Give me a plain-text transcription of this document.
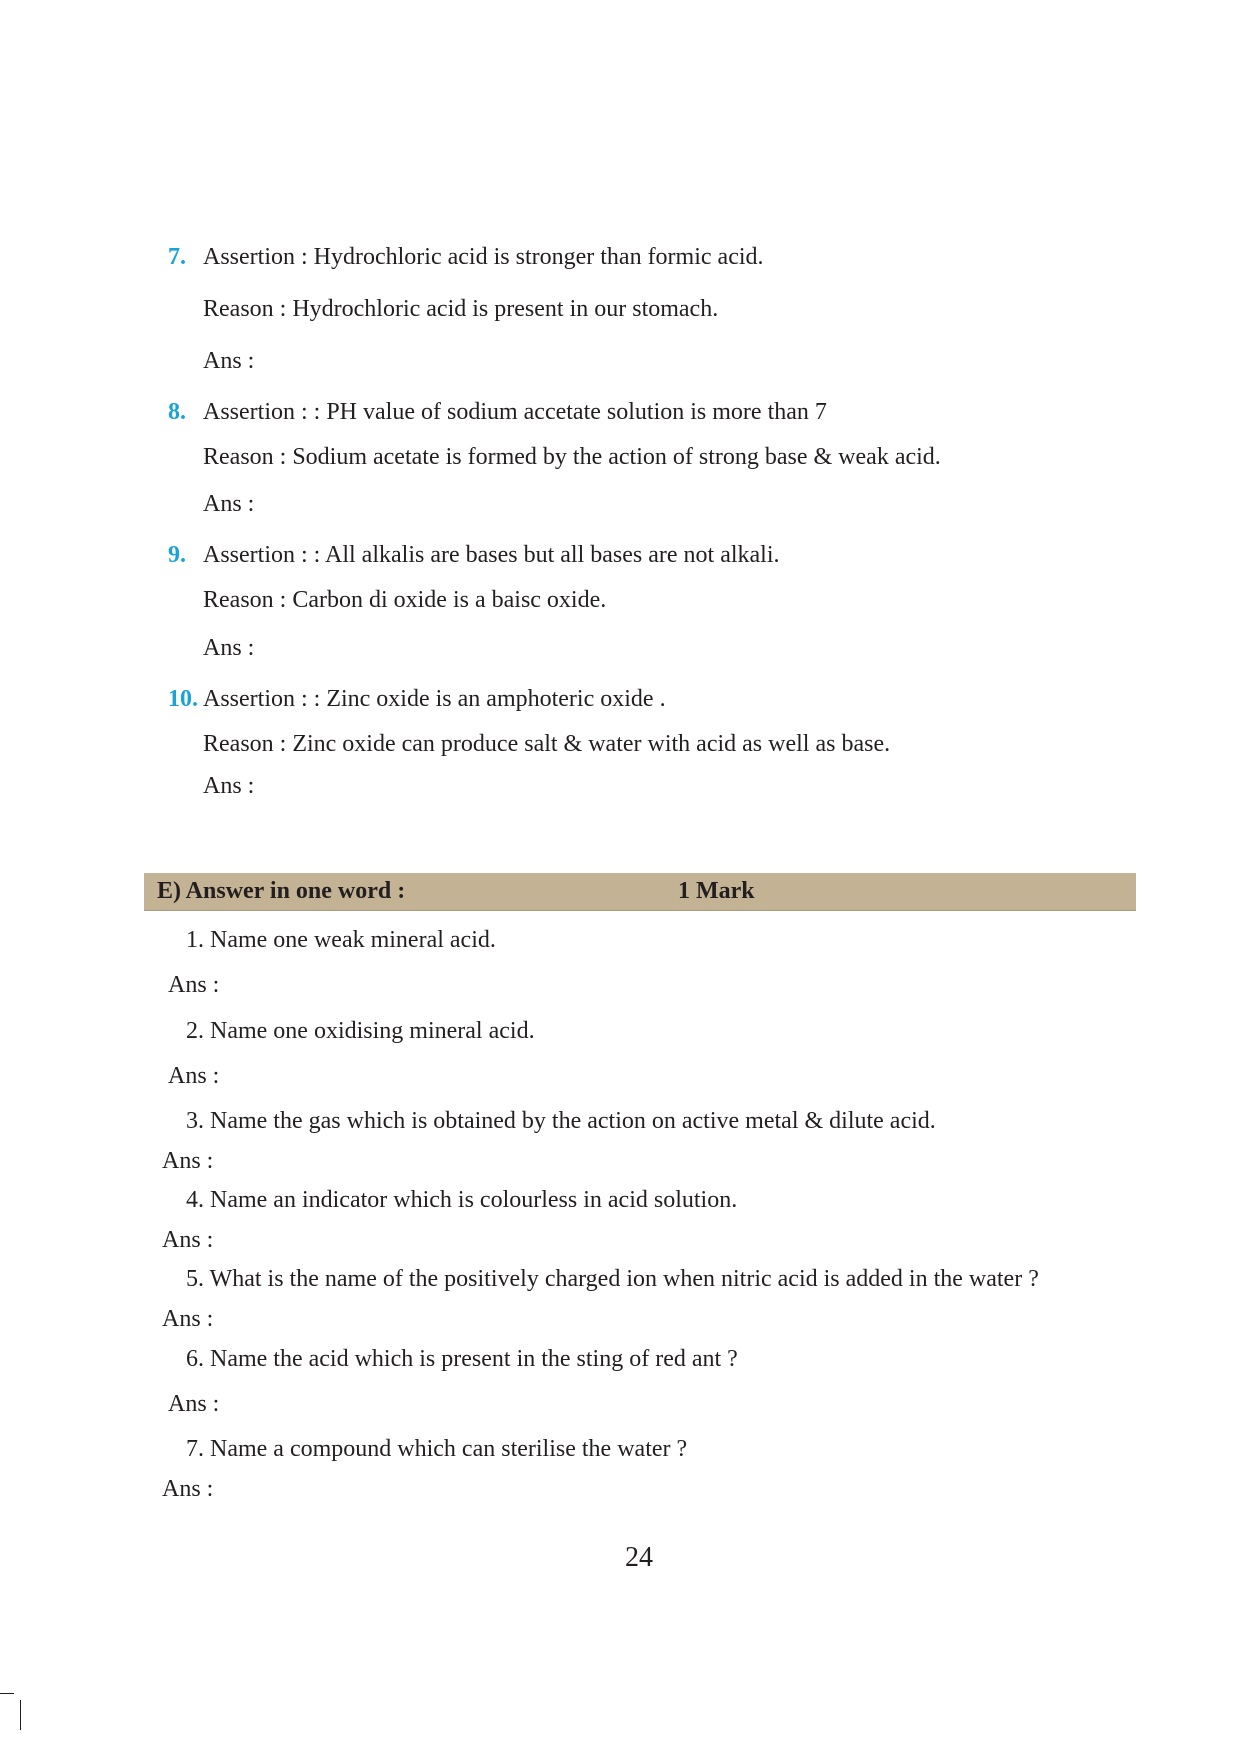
7. Assertion : Hydrochloric acid is stronger than formic acid.
Reason : Hydrochloric acid is present in our stomach.
Ans :
8. Assertion : : PH value of sodium accetate solution is more than 7
Reason : Sodium acetate is formed by the action of strong base & weak acid.
Ans :
9. Assertion : : All alkalis are bases but all bases are not alkali.
Reason : Carbon di oxide is a baisc oxide.
Ans :
10. Assertion : : Zinc oxide is an amphoteric oxide .
Reason : Zinc oxide can produce salt & water with acid as well as base.
Ans :
E) Answer in one word :	1 Mark
1. Name one weak mineral acid.
Ans :
2. Name one oxidising mineral acid.
Ans :
3. Name the gas which is obtained by the action on active metal & dilute acid.
Ans :
4. Name an indicator which is colourless in acid solution.
Ans :
5. What is the name of the positively charged ion when nitric acid is added in the water ?
Ans :
6. Name the acid which is present in the sting of red ant ?
Ans :
7. Name a compound which can sterilise the water ?
Ans :
24
